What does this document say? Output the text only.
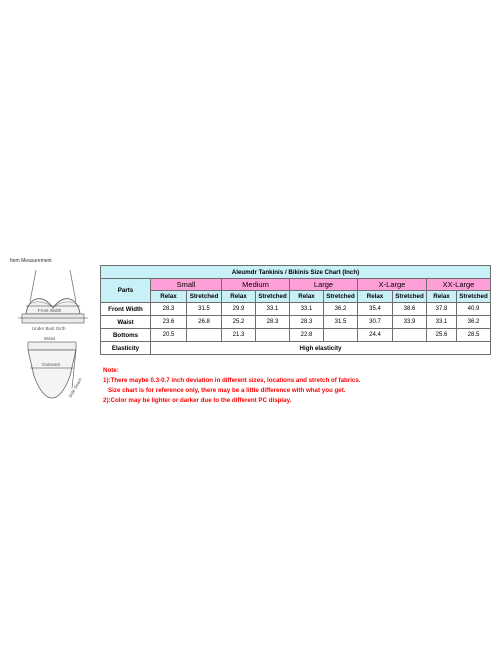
Item Measurement
Front Width
Under Bust Girth
Waist
Outseam
Side Seam
Aleumdr Tankinis / Bikinis Size Chart (Inch)										
Parts	Small		Medium		Large		X-Large		XX-Large	
	Relax	Stretched	Relax	Stretched	Relax	Stretched	Relax	Stretched	Relax	Stretched
Front Width	28.3	31.5	29.9	33.1	33.1	36.2	35.4	38.6	37.8	40.9
Waist	23.6	26.8	25.2	28.3	28.3	31.5	30.7	33.9	33.1	36.2
Bottoms	20.5		21.3		22.8		24.4		25.6	28.5
Elasticity	High elasticity									
Note:
1):There maybe 0.3-0.7 inch deviation in different sizes, locations and stretch of fabrics.
Size chart is for reference only, there may be a little difference with what you get.
2):Color may be lighter or darker due to the different PC display.
